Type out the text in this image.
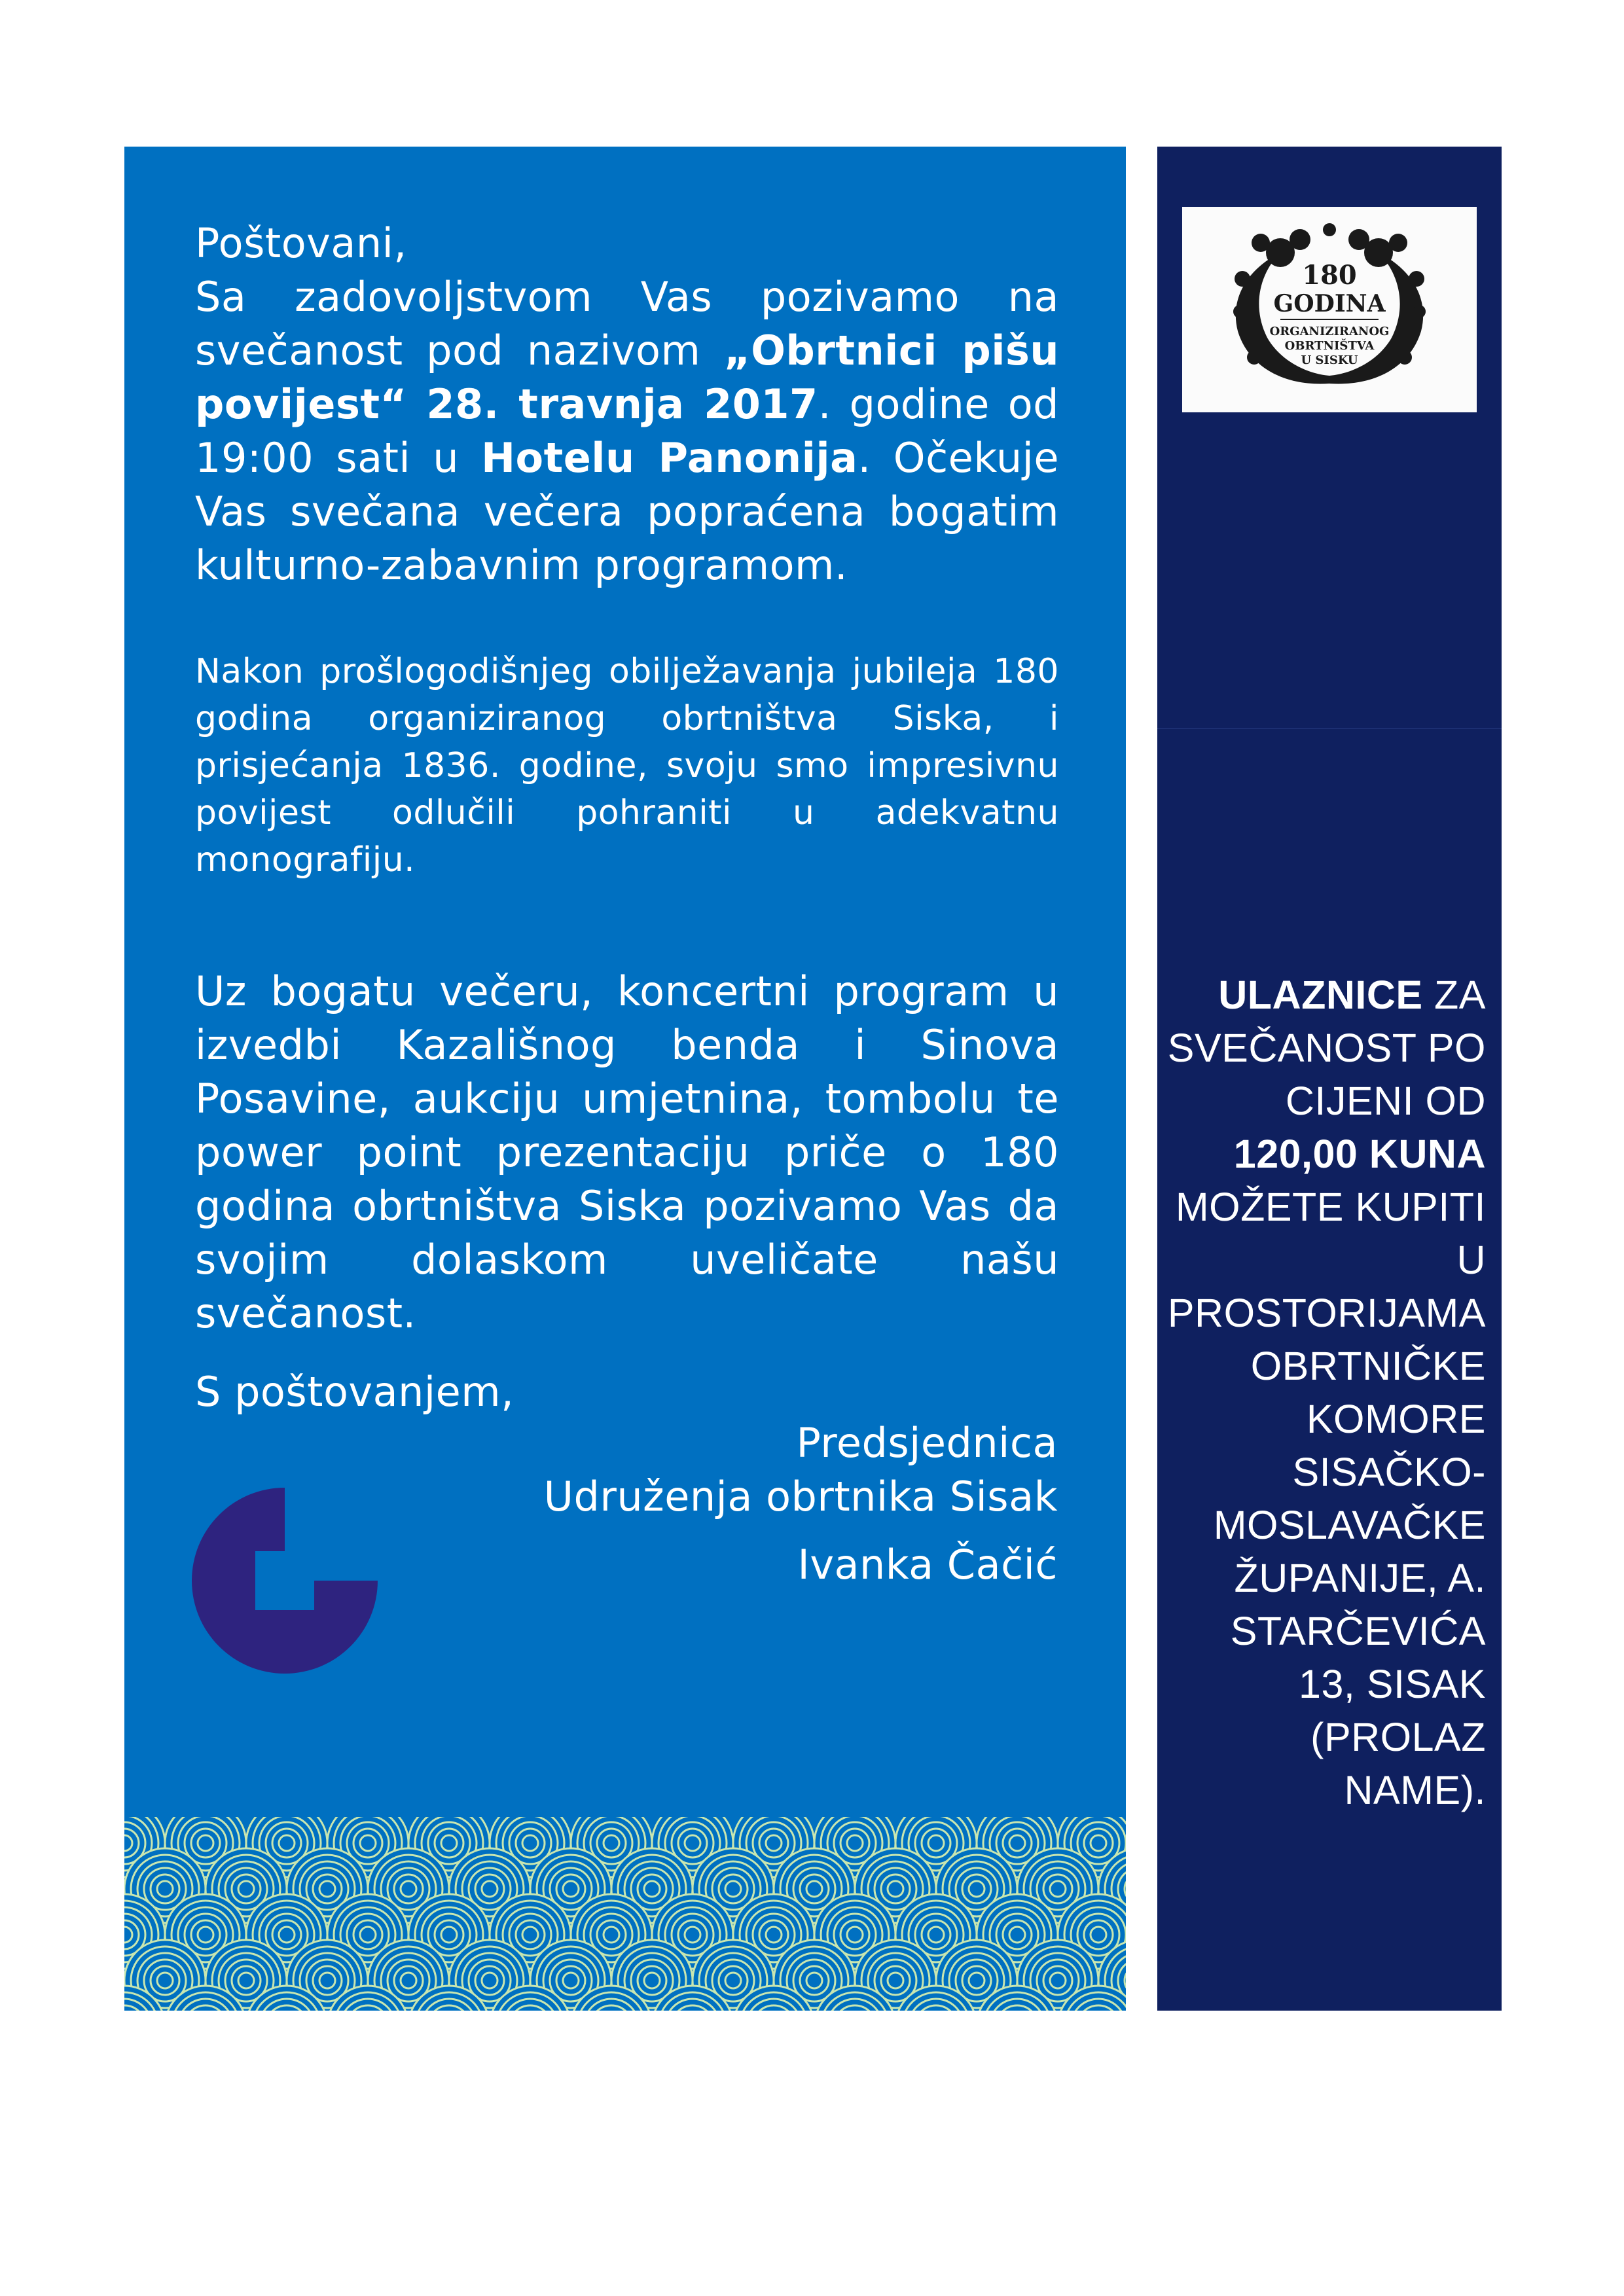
Poštovani,
Sa zadovoljstvom Vas pozivamo na svečanost pod nazivom „Obrtnici pišu povijest“ 28. travnja 2017. godine od 19:00 sati u Hotelu Panonija. Očekuje Vas svečana večera popraćena bogatim kulturno-zabavnim programom.

Nakon prošlogodišnjeg obilježavanja jubileja 180 godina organiziranog obrtništva Siska, i prisjećanja 1836. godine, svoju smo impresivnu povijest odlučili pohraniti u adekvatnu monografiju.

Uz bogatu večeru, koncertni program u izvedbi Kazališnog benda i Sinova Posavine, aukciju umjetnina, tombolu te power point prezentaciju priče o 180 godina obrtništva Siska pozivamo Vas da svojim dolaskom uveličate našu svečanost.

S poštovanjem,

Predsjednica

Udruženja obrtnika Sisak

Ivanka Čačić

180
GODINA
ORGANIZIRANOG
OBRTNIŠTVA
U SISKU

ULAZNICE ZA SVEČANOST PO CIJENI OD 120,00 KUNA MOŽETE KUPITI U PROSTORIJAMA OBRTNIČKE KOMORE SISAČKO-MOSLAVAČKE ŽUPANIJE, A. STARČEVIĆA 13, SISAK (PROLAZ NAME).
